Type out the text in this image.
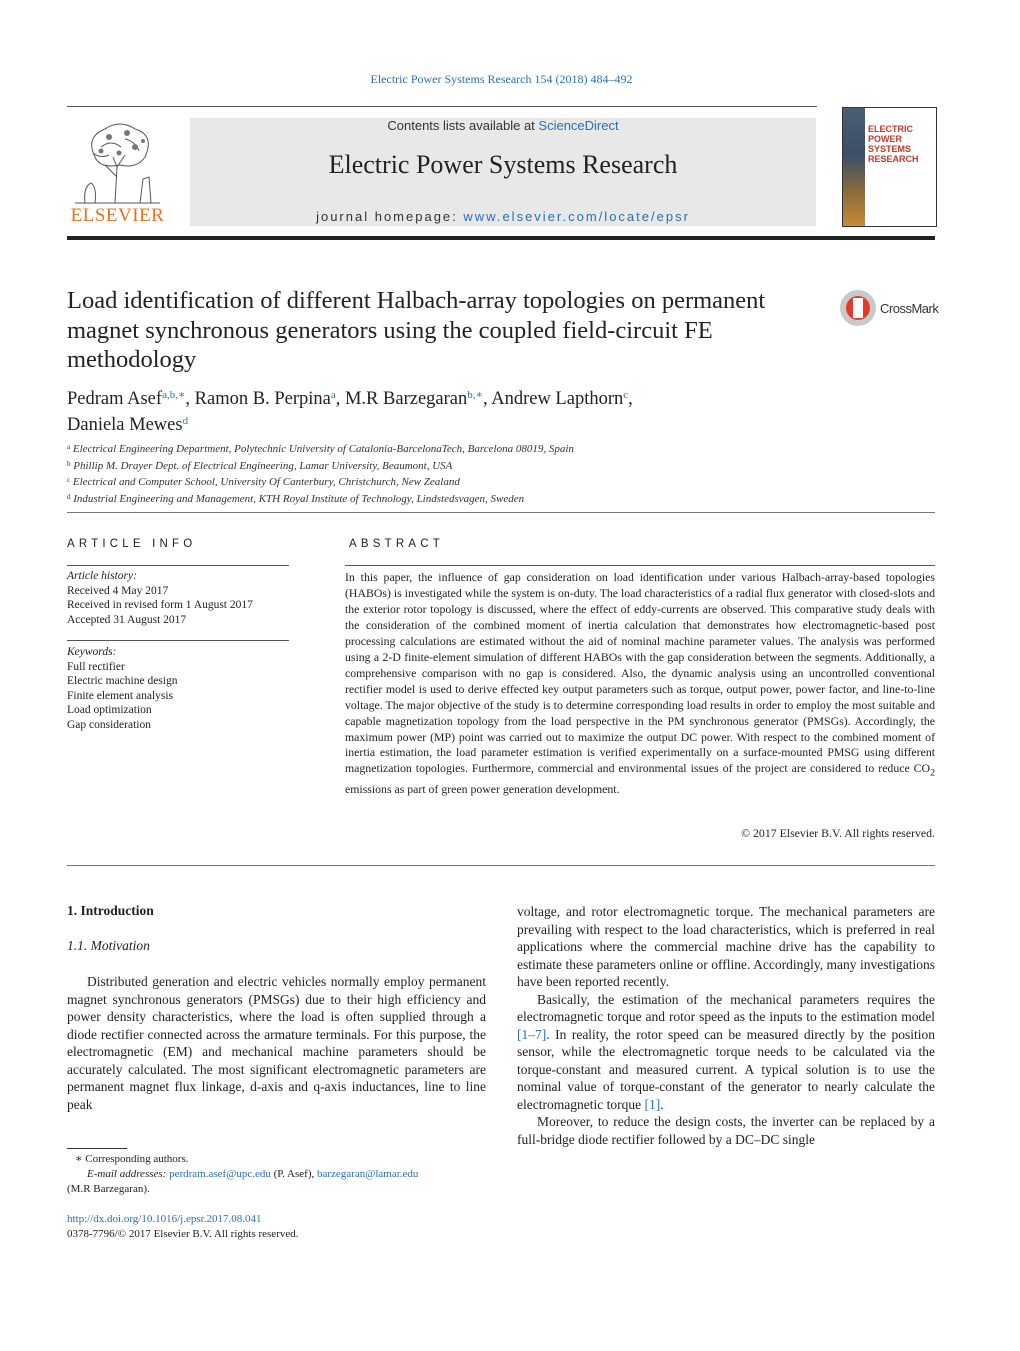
Electric Power Systems Research 154 (2018) 484–492
ELSEVIER
Contents lists available at ScienceDirect
Electric Power Systems Research
journal homepage: www.elsevier.com/locate/epsr
ELECTRIC POWER SYSTEMS RESEARCH
Load identification of different Halbach-array topologies on permanent magnet synchronous generators using the coupled field-circuit FE methodology
CrossMark
Pedram Asef$^{a,b,∗}$, Ramon B. Perpina$^a$, M.R Barzegaran$^{b,∗}$, Andrew Lapthorn$^c$,
Daniela Mewes$^d$
$^a$ Electrical Engineering Department, Polytechnic University of Catalonia-BarcelonaTech, Barcelona 08019, Spain
$^b$ Phillip M. Drayer Dept. of Electrical Engineering, Lamar University, Beaumont, USA
$^c$ Electrical and Computer School, University Of Canterbury, Christchurch, New Zealand
$^d$ Industrial Engineering and Management, KTH Royal Institute of Technology, Lindstedsvagen, Sweden
ARTICLE INFO
Article history:
Received 4 May 2017
Received in revised form 1 August 2017
Accepted 31 August 2017
Keywords:
Full rectifier
Electric machine design
Finite element analysis
Load optimization
Gap consideration
ABSTRACT
In this paper, the influence of gap consideration on load identification under various Halbach-array-based topologies (HABOs) is investigated while the system is on-duty. The load characteristics of a radial flux generator with closed-slots and the exterior rotor topology is discussed, where the effect of eddy-currents are observed. This comparative study deals with the consideration of the combined moment of inertia calculation that demonstrates how electromagnetic-based post processing calculations are estimated without the aid of nominal machine parameter values. The analysis was performed using a 2-D finite-element simulation of different HABOs with the gap consideration between the segments. Additionally, a comprehensive comparison with no gap is considered. Also, the dynamic analysis using an uncontrolled conventional rectifier model is used to derive effected key output parameters such as torque, output power, power factor, and line-to-line voltage. The major objective of the study is to determine corresponding load results in order to employ the most suitable and capable magnetization topology from the load perspective in the PM synchronous generator (PMSGs). Accordingly, the maximum power (MP) point was carried out to maximize the output DC power. With respect to the combined moment of inertia estimation, the load parameter estimation is verified experimentally on a surface-mounted PMSG using different magnetization topologies. Furthermore, commercial and environmental issues of the project are considered to reduce $CO_2$ emissions as part of green power generation development.
© 2017 Elsevier B.V. All rights reserved.
1. Introduction
1.1. Motivation
Distributed generation and electric vehicles normally employ permanent magnet synchronous generators (PMSGs) due to their high efficiency and power density characteristics, where the load is often supplied through a diode rectifier connected across the armature terminals. For this purpose, the electromagnetic (EM) and mechanical machine parameters should be accurately calculated. The most significant electromagnetic parameters are permanent magnet flux linkage, d-axis and q-axis inductances, line to line peak
voltage, and rotor electromagnetic torque. The mechanical parameters are prevailing with respect to the load characteristics, which is preferred in real applications where the commercial machine drive has the capability to estimate these parameters online or offline. Accordingly, many investigations have been reported recently.
Basically, the estimation of the mechanical parameters requires the electromagnetic torque and rotor speed as the inputs to the estimation model [1–7]. In reality, the rotor speed can be measured directly by the position sensor, while the electromagnetic torque needs to be calculated via the torque-constant and measured current. A typical solution is to use the nominal value of torque-constant of the generator to nearly calculate the electromagnetic torque [1].
Moreover, to reduce the design costs, the inverter can be replaced by a full-bridge diode rectifier followed by a DC–DC single
∗ Corresponding authors.
E-mail addresses: perdram.asef@upc.edu (P. Asef), barzegaran@lamar.edu
(M.R Barzegaran).
http://dx.doi.org/10.1016/j.epsr.2017.08.041
0378-7796/© 2017 Elsevier B.V. All rights reserved.
